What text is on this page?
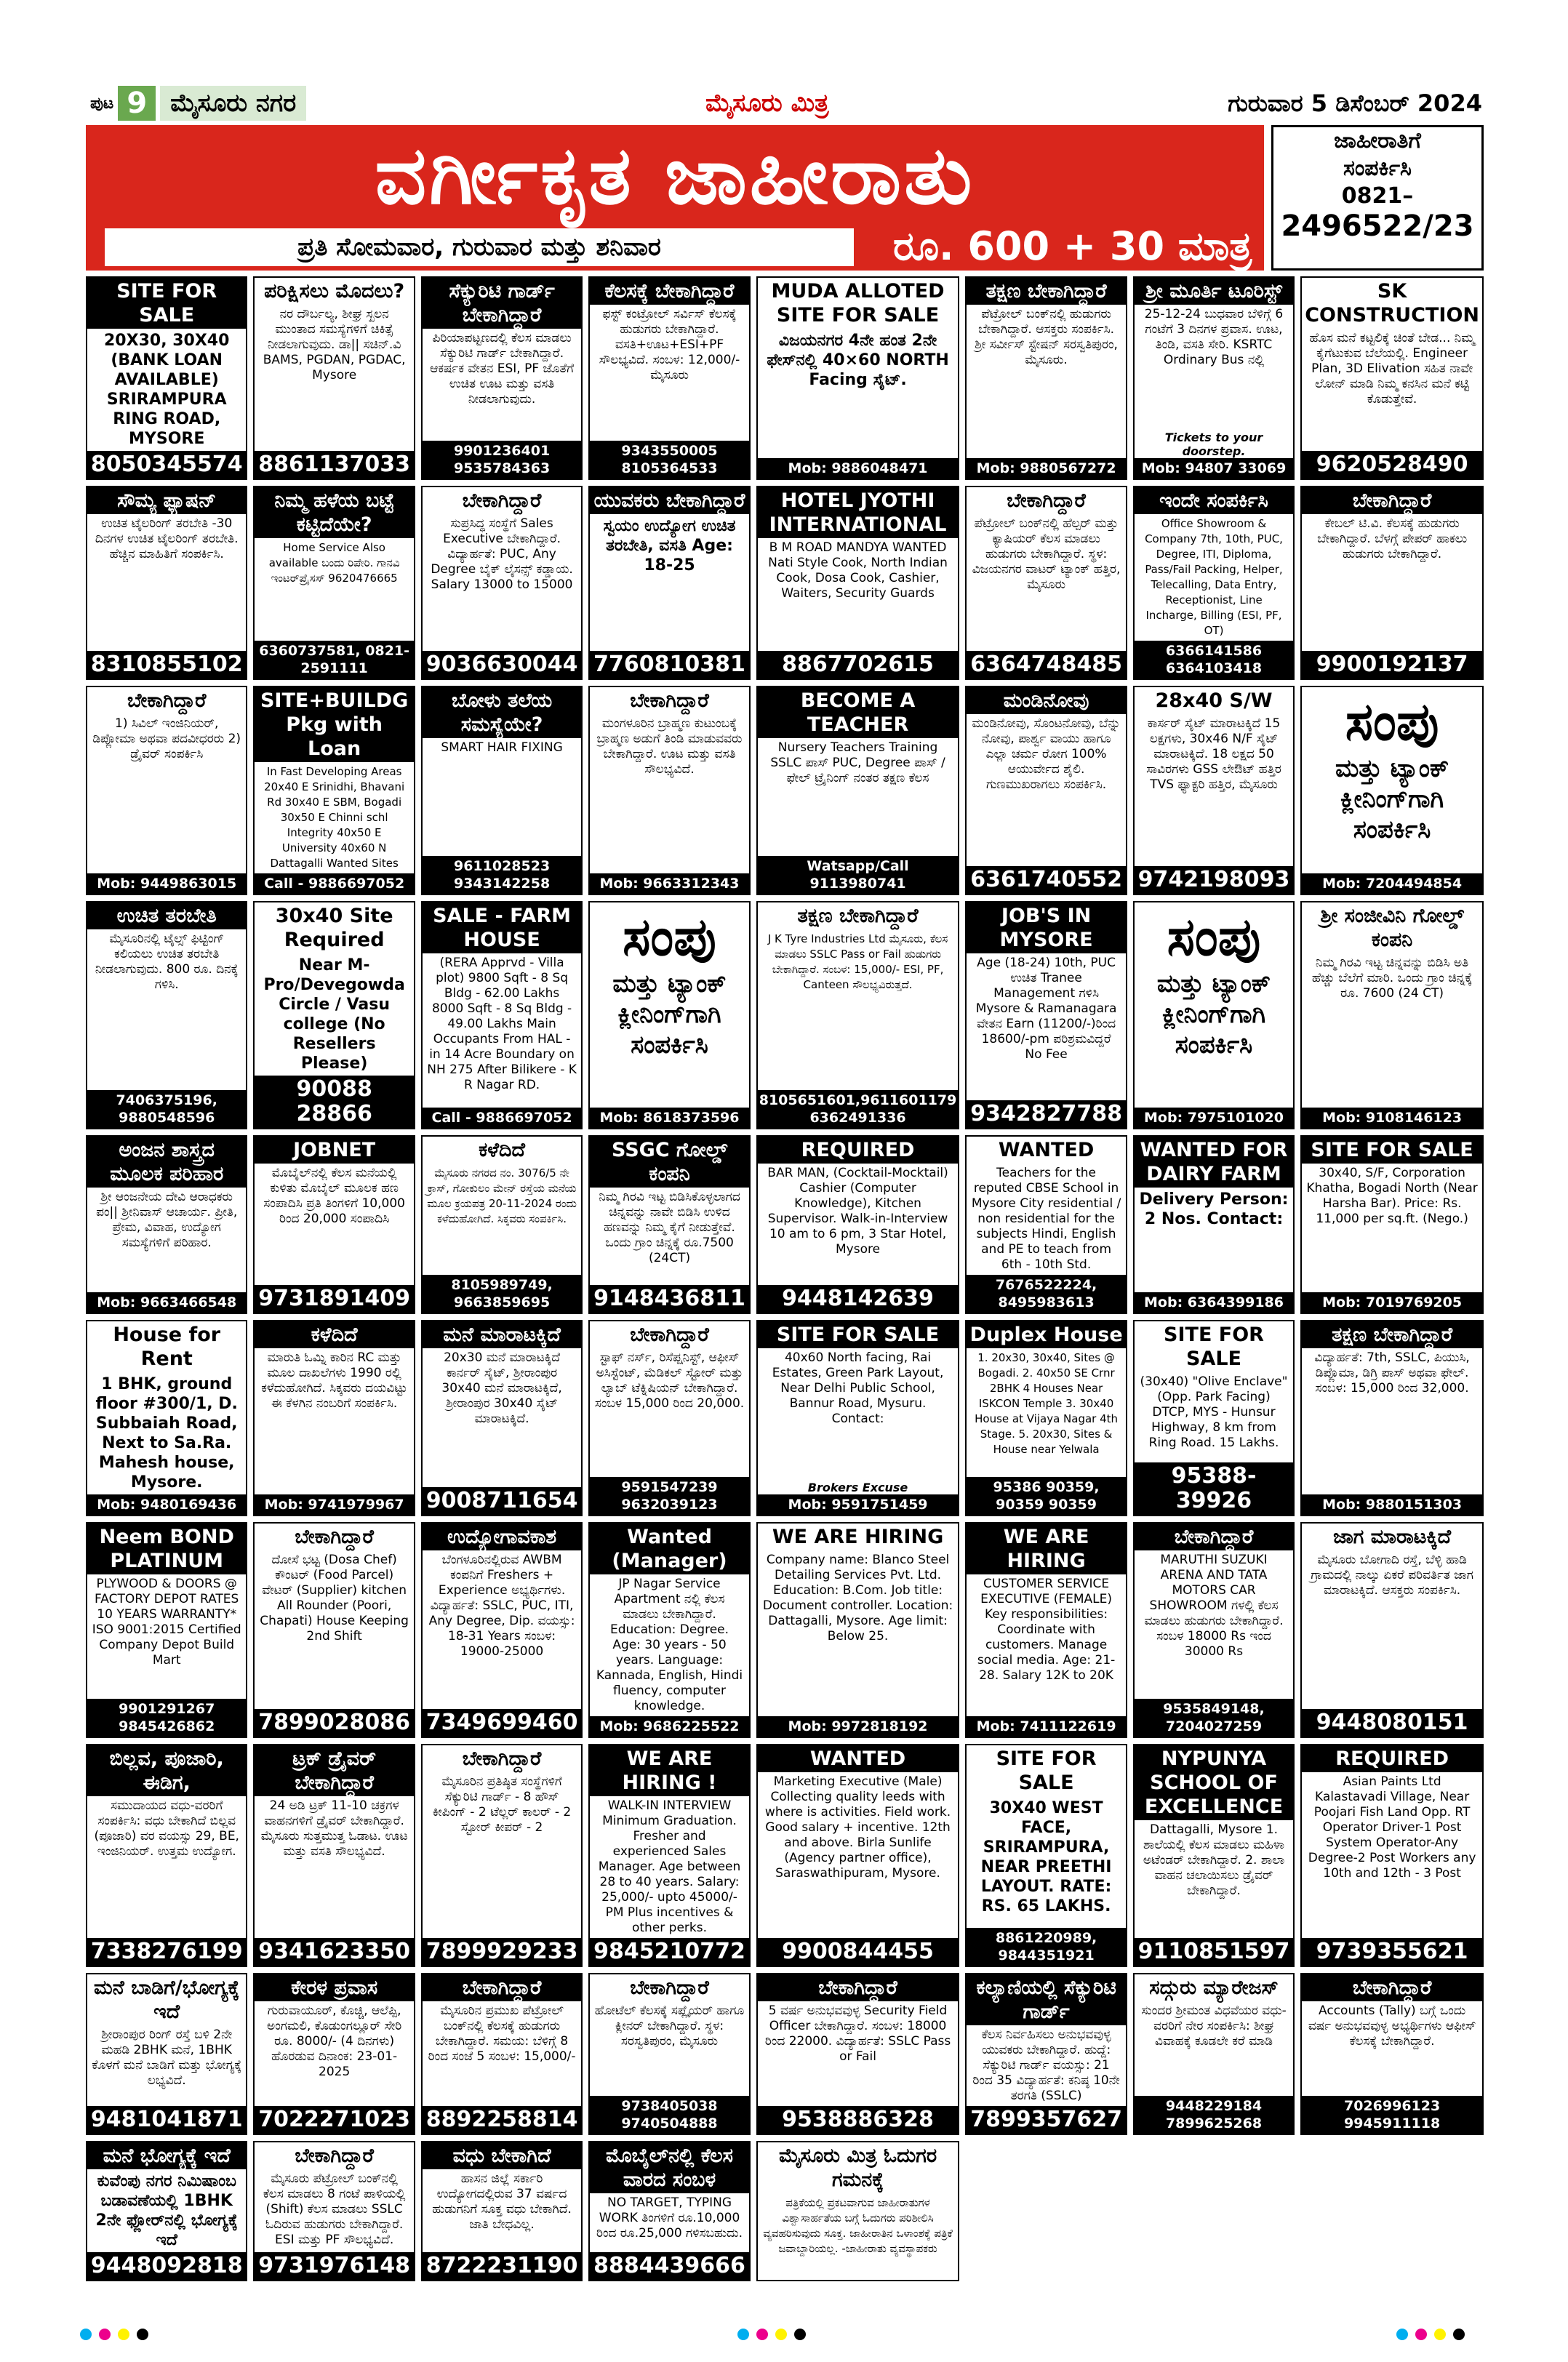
ಪುಟ 9 ಮೈಸೂರು ನಗರ	ಮೈಸೂರು ಮಿತ್ರ	ಗುರುವಾರ 5 ಡಿಸೆಂಬರ್ 2024
ವರ್ಗೀಕೃತ ಜಾಹೀರಾತು
ಪ್ರತಿ ಸೋಮವಾರ, ಗುರುವಾರ ಮತ್ತು ಶನಿವಾರ	ರೂ. 600 + 30 ಮಾತ್ರ
ಜಾಹೀರಾತಿಗೆ
ಸಂಪರ್ಕಿಸಿ
0821–
2496522/23
SITE FOR SALE
20X30, 30X40 (BANK LOAN AVAILABLE) SRIRAMPURA RING ROAD, MYSORE
8050345574
ಪರಿಕ್ಷಿಸಲು ಮೊದಲು?
ನರ ದೌರ್ಬಲ್ಯ, ಶೀಘ್ರ ಸ್ಖಲನ ಮುಂತಾದ ಸಮಸ್ಯೆಗಳಿಗೆ ಚಿಕಿತ್ಸೆ ನೀಡಲಾಗುವುದು. ಡಾ|| ಸಚಿನ್.ವಿ BAMS, PGDAN, PGDAC, Mysore
8861137033
ಸೆಕ್ಯುರಿಟಿ ಗಾರ್ಡ್ ಬೇಕಾಗಿದ್ದಾರೆ
ಪಿರಿಯಾಪಟ್ಟಣದಲ್ಲಿ ಕೆಲಸ ಮಾಡಲು ಸೆಕ್ಯುರಿಟಿ ಗಾರ್ಡ್ ಬೇಕಾಗಿದ್ದಾರೆ. ಆಕರ್ಷಕ ವೇತನ ESI, PF ಜೊತೆಗೆ ಉಚಿತ ಊಟ ಮತ್ತು ವಸತಿ ನೀಡಲಾಗುವುದು.
9901236401 9535784363
ಕೆಲಸಕ್ಕೆ ಬೇಕಾಗಿದ್ದಾರೆ
ಫಸ್ಟ್ ಕಂಟ್ರೋಲ್ ಸರ್ವಿಸ್ ಕೆಲಸಕ್ಕೆ ಹುಡುಗರು ಬೇಕಾಗಿದ್ದಾರೆ. ವಸತಿ+ಊಟ+ESI+PF ಸೌಲಭ್ಯವಿದೆ. ಸಂಬಳ: 12,000/- ಮೈಸೂರು
9343550005 8105364533
MUDA ALLOTED SITE FOR SALE
ವಿಜಯನಗರ 4ನೇ ಹಂತ 2ನೇ ಫೇಸ್‌ನಲ್ಲಿ 40×60 NORTH Facing ಸೈಟ್.
Mob: 9886048471
ತಕ್ಷಣ ಬೇಕಾಗಿದ್ದಾರೆ
ಪೆಟ್ರೋಲ್ ಬಂಕ್‌ನಲ್ಲಿ ಹುಡುಗರು ಬೇಕಾಗಿದ್ದಾರೆ. ಆಸಕ್ತರು ಸಂಪರ್ಕಿಸಿ. ಶ್ರೀ ಸರ್ವೀಸ್ ಸ್ಟೇಷನ್ ಸರಸ್ವತಿಪುರಂ, ಮೈಸೂರು.
Mob: 9880567272
ಶ್ರೀ ಮೂರ್ತಿ ಟೂರಿಸ್ಟ್
25-12-24 ಬುಧವಾರ ಬೆಳಿಗ್ಗೆ 6 ಗಂಟೆಗೆ 3 ದಿನಗಳ ಪ್ರವಾಸ. ಊಟ, ತಿಂಡಿ, ವಸತಿ ಸೇರಿ. KSRTC Ordinary Bus ನಲ್ಲಿ
Tickets to your doorstep.
Mob: 94807 33069
SK CONSTRUCTION
ಹೊಸ ಮನೆ ಕಟ್ಟಲಿಕ್ಕೆ ಚಿಂತೆ ಬೇಡ... ನಿಮ್ಮ ಕೈಗೆಟುಕುವ ಬೆಲೆಯಲ್ಲಿ. Engineer Plan, 3D Elivation ಸಹಿತ ನಾವೇ ಲೋನ್ ಮಾಡಿ ನಿಮ್ಮ ಕನಸಿನ ಮನೆ ಕಟ್ಟಿ ಕೊಡುತ್ತೇವೆ.
9620528490
ಸೌಮ್ಯ ಫ್ಯಾಷನ್
ಉಚಿತ ಟೈಲರಿಂಗ್ ತರಬೇತಿ -30 ದಿನಗಳ ಉಚಿತ ಟೈಲರಿಂಗ್ ತರಬೇತಿ. ಹೆಚ್ಚಿನ ಮಾಹಿತಿಗೆ ಸಂಪರ್ಕಿಸಿ.
8310855102
ನಿಮ್ಮ ಹಳೆಯ ಬಟ್ಟೆ ಕಟ್ಟಿದೆಯೇ?
Home Service Also available ಬಂದು ರಿಪೇರಿ. ಗಾನವಿ ಇಂಟರ್‌ಪ್ರೈಸಸ್ 9620476665
6360737581, 0821-2591111
ಬೇಕಾಗಿದ್ದಾರೆ
ಸುಪ್ರಸಿದ್ಧ ಸಂಸ್ಥೆಗೆ Sales Executive ಬೇಕಾಗಿದ್ದಾರೆ. ವಿದ್ಯಾರ್ಹತೆ: PUC, Any Degree ಬೈಕ್ ಲೈಸನ್ಸ್ ಕಡ್ಡಾಯ. Salary 13000 to 15000
9036630044
ಯುವಕರು ಬೇಕಾಗಿದ್ದಾರೆ
ಸ್ವಯಂ ಉದ್ಯೋಗ ಉಚಿತ ತರಬೇತಿ, ವಸತಿ Age: 18-25
7760810381
HOTEL JYOTHI INTERNATIONAL
B M ROAD MANDYA WANTED Nati Style Cook, North Indian Cook, Dosa Cook, Cashier, Waiters, Security Guards
8867702615
ಬೇಕಾಗಿದ್ದಾರೆ
ಪೆಟ್ರೋಲ್ ಬಂಕ್‌ನಲ್ಲಿ ಹೆಲ್ಪರ್ ಮತ್ತು ಕ್ಯಾಷಿಯರ್ ಕೆಲಸ ಮಾಡಲು ಹುಡುಗರು ಬೇಕಾಗಿದ್ದಾರೆ. ಸ್ಥಳ: ವಿಜಯನಗರ ವಾಟರ್ ಟ್ಯಾಂಕ್ ಹತ್ತಿರ, ಮೈಸೂರು
6364748485
ಇಂದೇ ಸಂಪರ್ಕಿಸಿ
Office Showroom & Company 7th, 10th, PUC, Degree, ITI, Diploma, Pass/Fail Packing, Helper, Telecalling, Data Entry, Receptionist, Line Incharge, Billing (ESI, PF, OT)
6366141586 6364103418
ಬೇಕಾಗಿದ್ದಾರೆ
ಕೇಬಲ್ ಟಿ.ವಿ. ಕೆಲಸಕ್ಕೆ ಹುಡುಗರು ಬೇಕಾಗಿದ್ದಾರೆ. ಬೆಳಗ್ಗೆ ಪೇಪರ್ ಹಾಕಲು ಹುಡುಗರು ಬೇಕಾಗಿದ್ದಾರೆ.
9900192137
ಬೇಕಾಗಿದ್ದಾರೆ
1) ಸಿವಿಲ್ ಇಂಜಿನಿಯರ್, ಡಿಪ್ಲೋಮಾ ಅಥವಾ ಪದವೀಧರರು 2) ಡ್ರೈವರ್ ಸಂಪರ್ಕಿಸಿ
Mob: 9449863015
SITE+BUILDG Pkg with Loan
In Fast Developing Areas 20x40 E Srinidhi, Bhavani Rd 30x40 E SBM, Bogadi 30x50 E Chinni schl Integrity 40x50 E University 40x60 N Dattagalli Wanted Sites
Call - 9886697052
ಬೋಳು ತಲೆಯ ಸಮಸ್ಯೆಯೇ?
SMART HAIR FIXING
9611028523 9343142258
ಬೇಕಾಗಿದ್ದಾರೆ
ಮಂಗಳೂರಿನ ಬ್ರಾಹ್ಮಣ ಕುಟುಂಬಕ್ಕೆ ಬ್ರಾಹ್ಮಣ ಅಡುಗೆ ತಿಂಡಿ ಮಾಡುವವರು ಬೇಕಾಗಿದ್ದಾರೆ. ಊಟ ಮತ್ತು ವಸತಿ ಸೌಲಭ್ಯವಿದೆ.
Mob: 9663312343
BECOME A TEACHER
Nursery Teachers Training SSLC ಪಾಸ್ PUC, Degree ಪಾಸ್ / ಫೇಲ್ ಟ್ರೈನಿಂಗ್ ನಂತರ ತಕ್ಷಣ ಕೆಲಸ
Watsapp/Call 9113980741
ಮಂಡಿನೋವು
ಮಂಡಿನೋವು, ಸೊಂಟನೋವು, ಬೆನ್ನು ನೋವು, ಪಾರ್ಶ್ವ ವಾಯು ಹಾಗೂ ಎಲ್ಲಾ ಚರ್ಮ ರೋಗ 100% ಆಯುರ್ವೇದ ಶೈಲಿ. ಗುಣಮುಖರಾಗಲು ಸಂಪರ್ಕಿಸಿ.
6361740552
28x40 S/W
ಕಾರ್ಸರ್ ಸೈಟ್ ಮಾರಾಟಕ್ಕಿದೆ 15 ಲಕ್ಷಗಳು, 30x46 N/F ಸೈಟ್ ಮಾರಾಟಕ್ಕಿದೆ. 18 ಲಕ್ಷದ 50 ಸಾವಿರಗಳು GSS ಲೇಔಟ್ ಹತ್ತಿರ TVS ಫ್ಯಾಕ್ಟರಿ ಹತ್ತಿರ, ಮೈಸೂರು
9742198093
ಸಂಪು
ಮತ್ತು ಟ್ಯಾಂಕ್ ಕ್ಲೀನಿಂಗ್‌ಗಾಗಿ ಸಂಪರ್ಕಿಸಿ
Mob: 7204494854
ಉಚಿತ ತರಬೇತಿ
ಮೈಸೂರಿನಲ್ಲಿ ಟೈಲ್ಸ್ ಫಿಟ್ಟಿಂಗ್ ಕಲಿಯಲು ಉಚಿತ ತರಬೇತಿ ನೀಡಲಾಗುವುದು. 800 ರೂ. ದಿನಕ್ಕೆ ಗಳಿಸಿ.
7406375196, 9880548596
30x40 Site Required
Near M-Pro/Devegowda Circle / Vasu college (No Resellers Please)
90088 28866
SALE - FARM HOUSE
(RERA Apprvd - Villa plot) 9800 Sqft - 8 Sq Bldg - 62.00 Lakhs 8000 Sqft - 8 Sq Bldg - 49.00 Lakhs Main Occupants From HAL - in 14 Acre Boundary on NH 275 After Bilikere - K R Nagar RD.
Call - 9886697052
ಸಂಪು
ಮತ್ತು ಟ್ಯಾಂಕ್ ಕ್ಲೀನಿಂಗ್‌ಗಾಗಿ ಸಂಪರ್ಕಿಸಿ
Mob: 8618373596
ತಕ್ಷಣ ಬೇಕಾಗಿದ್ದಾರೆ
J K Tyre Industries Ltd ಮೈಸೂರು, ಕೆಲಸ ಮಾಡಲು SSLC Pass or Fail ಹುಡುಗರು ಬೇಕಾಗಿದ್ದಾರೆ. ಸಂಬಳ: 15,000/- ESI, PF, Canteen ಸೌಲಭ್ಯವಿರುತ್ತದೆ.
8105651601,9611601179 6362491336
JOB'S IN MYSORE
Age (18-24) 10th, PUC ಉಚಿತ Tranee Management ಗಳಿಸಿ Mysore & Ramanagara ವೇತನ Earn (11200/-)ರಿಂದ 18600/-pm ಪರಿಶ್ರಮವಿದ್ದರೆ No Fee
9342827788
ಸಂಪು
ಮತ್ತು ಟ್ಯಾಂಕ್ ಕ್ಲೀನಿಂಗ್‌ಗಾಗಿ ಸಂಪರ್ಕಿಸಿ
Mob: 7975101020
ಶ್ರೀ ಸಂಜೀವಿನಿ ಗೋಲ್ಡ್ ಕಂಪನಿ
ನಿಮ್ಮ ಗಿರವಿ ಇಟ್ಟ ಚಿನ್ನವನ್ನು ಬಿಡಿಸಿ ಅತಿ ಹೆಚ್ಚು ಬೆಲೆಗೆ ಮಾರಿ. ಒಂದು ಗ್ರಾಂ ಚಿನ್ನಕ್ಕೆ ರೂ. 7600 (24 CT)
Mob: 9108146123
ಅಂಜನ ಶಾಸ್ತ್ರದ ಮೂಲಕ ಪರಿಹಾರ
ಶ್ರೀ ಆಂಜನೇಯ ದೇವಿ ಆರಾಧಕರು ಪಂ|| ಶ್ರೀನಿವಾಸ್ ಆಚಾರ್ಯ. ಪ್ರೀತಿ, ಪ್ರೇಮ, ವಿವಾಹ, ಉದ್ಯೋಗ ಸಮಸ್ಯೆಗಳಿಗೆ ಪರಿಹಾರ.
Mob: 9663466548
JOBNET
ಮೊಬೈಲ್‌ನಲ್ಲಿ ಕೆಲಸ ಮನೆಯಲ್ಲಿ ಕುಳಿತು ಮೊಬೈಲ್ ಮೂಲಕ ಹಣ ಸಂಪಾದಿಸಿ ಪ್ರತಿ ತಿಂಗಳಿಗೆ 10,000 ರಿಂದ 20,000 ಸಂಪಾದಿಸಿ
9731891409
ಕಳೆದಿದೆ
ಮೈಸೂರು ನಗರದ ನಂ. 3076/5 ನೇ ಕ್ರಾಸ್, ಗೋಕುಲಂ ಮೇನ್ ರಸ್ತೆಯ ಮನೆಯ ಮೂಲ ಕ್ರಯಪತ್ರ 20-11-2024 ರಂದು ಕಳೆದುಹೋಗಿದೆ. ಸಿಕ್ಕವರು ಸಂಪರ್ಕಿಸಿ.
8105989749, 9663859695
SSGC ಗೋಲ್ಡ್ ಕಂಪನಿ
ನಿಮ್ಮ ಗಿರವಿ ಇಟ್ಟ ಬಿಡಿಸಿಕೊಳ್ಳಲಾಗದ ಚಿನ್ನವನ್ನು ನಾವೇ ಬಿಡಿಸಿ ಉಳಿದ ಹಣವನ್ನು ನಿಮ್ಮ ಕೈಗೆ ನೀಡುತ್ತೇವೆ. ಒಂದು ಗ್ರಾಂ ಚಿನ್ನಕ್ಕೆ ರೂ.7500 (24CT)
9148436811
REQUIRED
BAR MAN, (Cocktail-Mocktail) Cashier (Computer Knowledge), Kitchen Supervisor. Walk-in-Interview 10 am to 6 pm, 3 Star Hotel, Mysore
9448142639
WANTED
Teachers for the reputed CBSE School in Mysore City residential / non residential for the subjects Hindi, English and PE to teach from 6th - 10th Std.
7676522224, 8495983613
WANTED FOR DAIRY FARM
Delivery Person: 2 Nos. Contact:
Mob: 6364399186
SITE FOR SALE
30x40, S/F, Corporation Khatha, Bogadi North (Near Harsha Bar). Price: Rs. 11,000 per sq.ft. (Nego.)
Mob: 7019769205
House for Rent
1 BHK, ground floor #300/1, D. Subbaiah Road, Next to Sa.Ra. Mahesh house, Mysore.
Mob: 9480169436
ಕಳೆದಿದೆ
ಮಾರುತಿ ಓಮ್ನಿ ಕಾರಿನ RC ಮತ್ತು ಮೂಲ ದಾಖಲೆಗಳು 1990 ರಲ್ಲಿ ಕಳೆದುಹೋಗಿದೆ. ಸಿಕ್ಕವರು ದಯವಿಟ್ಟು ಈ ಕೆಳಗಿನ ನಂಬರಿಗೆ ಸಂಪರ್ಕಿಸಿ.
Mob: 9741979967
ಮನೆ ಮಾರಾಟಕ್ಕಿದೆ
20x30 ಮನೆ ಮಾರಾಟಕ್ಕಿದೆ ಕಾರ್ನರ್ ಸೈಟ್, ಶ್ರೀರಾಂಪುರ 30x40 ಮನೆ ಮಾರಾಟಕ್ಕಿದೆ, ಶ್ರೀರಾಂಪುರ 30x40 ಸೈಟ್ ಮಾರಾಟಕ್ಕಿದೆ.
9008711654
ಬೇಕಾಗಿದ್ದಾರೆ
ಸ್ಟಾಫ್ ನರ್ಸ್, ರಿಸೆಪ್ಷನಿಸ್ಟ್, ಆಫೀಸ್ ಅಸಿಸ್ಟೆಂಟ್, ಮೆಡಿಕಲ್ ಸ್ಟೋರ್ ಮತ್ತು ಲ್ಯಾಬ್ ಟೆಕ್ನಿಷಿಯನ್ ಬೇಕಾಗಿದ್ದಾರೆ. ಸಂಬಳ 15,000 ರಿಂದ 20,000.
9591547239 9632039123
SITE FOR SALE
40x60 North facing, Rai Estates, Green Park Layout, Near Delhi Public School, Bannur Road, Mysuru. Contact:
Brokers Excuse
Mob: 9591751459
Duplex House
1. 20x30, 30x40, Sites @ Bogadi. 2. 40x50 SE Crnr 2BHK 4 Houses Near ISKCON Temple 3. 30x40 House at Vijaya Nagar 4th Stage. 5. 20x30, Sites & House near Yelwala
95386 90359, 90359 90359
SITE FOR SALE
(30x40) "Olive Enclave" (Opp. Park Facing) DTCP, MYS - Hunsur Highway, 8 km from Ring Road. 15 Lakhs.
95388-39926
ತಕ್ಷಣ ಬೇಕಾಗಿದ್ದಾರೆ
ವಿದ್ಯಾರ್ಹತೆ: 7th, SSLC, ಪಿಯುಸಿ, ಡಿಪ್ಲೊಮಾ, ಡಿಗ್ರಿ ಪಾಸ್ ಅಥವಾ ಫೇಲ್. ಸಂಬಳ: 15,000 ರಿಂದ 32,000.
Mob: 9880151303
Neem BOND PLATINUM
PLYWOOD & DOORS @ FACTORY DEPOT RATES 10 YEARS WARRANTY* ISO 9001:2015 Certified Company Depot Build Mart
9901291267 9845426862
ಬೇಕಾಗಿದ್ದಾರೆ
ದೋಸೆ ಭಟ್ಟ (Dosa Chef) ಕೌಂಟರ್ (Food Parcel) ವೇಟರ್ (Supplier) kitchen All Rounder (Poori, Chapati) House Keeping 2nd Shift
7899028086
ಉದ್ಯೋಗಾವಕಾಶ
ಬೆಂಗಳೂರಿನಲ್ಲಿರುವ AWBM ಕಂಪನಿಗೆ Freshers + Experience ಅಭ್ಯರ್ಥಿಗಳು. ವಿದ್ಯಾರ್ಹತೆ: SSLC, PUC, ITI, Any Degree, Dip. ವಯಸ್ಸು: 18-31 Years ಸಂಬಳ: 19000-25000
7349699460
Wanted (Manager)
JP Nagar Service Apartment ನಲ್ಲಿ ಕೆಲಸ ಮಾಡಲು ಬೇಕಾಗಿದ್ದಾರೆ. Education: Degree. Age: 30 years - 50 years. Language: Kannada, English, Hindi fluency, computer knowledge.
Mob: 9686225522
WE ARE HIRING
Company name: Blanco Steel Detailing Services Pvt. Ltd. Education: B.Com. Job title: Document controller. Location: Dattagalli, Mysore. Age limit: Below 25.
Mob: 9972818192
WE ARE HIRING
CUSTOMER SERVICE EXECUTIVE (FEMALE) Key responsibilities: Coordinate with customers. Manage social media. Age: 21-28. Salary 12K to 20K
Mob: 7411122619
ಬೇಕಾಗಿದ್ದಾರೆ
MARUTHI SUZUKI ARENA AND TATA MOTORS CAR SHOWROOM ಗಳಲ್ಲಿ ಕೆಲಸ ಮಾಡಲು ಹುಡುಗರು ಬೇಕಾಗಿದ್ದಾರೆ. ಸಂಬಳ 18000 Rs ಇಂದ 30000 Rs
9535849148, 7204027259
ಜಾಗ ಮಾರಾಟಕ್ಕಿದೆ
ಮೈಸೂರು ಬೋಗಾದಿ ರಸ್ತೆ, ಬೆಳ್ಳಿ ಹಾಡಿ ಗ್ರಾಮದಲ್ಲಿ ನಾಲ್ಕು ಏಕರೆ ಪರಿವರ್ತಿತ ಜಾಗ ಮಾರಾಟಕ್ಕಿದೆ. ಆಸಕ್ತರು ಸಂಪರ್ಕಿಸಿ.
9448080151
ಬಿಲ್ಲವ, ಪೂಜಾರಿ, ಈಡಿಗ,
ಸಮುದಾಯದ ವಧು-ವರರಿಗೆ ಸಂಪರ್ಕಿಸಿ: ವಧು ಬೇಕಾಗಿದೆ ಬಿಲ್ಲವ (ಪೂಜಾರಿ) ವರ ವಯಸ್ಸು 29, BE, ಇಂಜಿನಿಯರ್. ಉತ್ತಮ ಉದ್ಯೋಗ.
7338276199
ಟ್ರಕ್ ಡ್ರೈವರ್ ಬೇಕಾಗಿದ್ದಾರೆ
24 ಅಡಿ ಟ್ರಕ್ 11-10 ಚಕ್ರಗಳ ವಾಹನಗಳಿಗೆ ಡ್ರೈವರ್ ಬೇಕಾಗಿದ್ದಾರೆ. ಮೈಸೂರು ಸುತ್ತಮುತ್ತ ಓಡಾಟ. ಊಟ ಮತ್ತು ವಸತಿ ಸೌಲಭ್ಯವಿದೆ.
9341623350
ಬೇಕಾಗಿದ್ದಾರೆ
ಮೈಸೂರಿನ ಪ್ರತಿಷ್ಠಿತ ಸಂಸ್ಥೆಗಳಿಗೆ ಸೆಕ್ಯುರಿಟಿ ಗಾರ್ಡ್ - 8 ಹೌಸ್ ಕೀಪಿಂಗ್ - 2 ಟೆಲ್ಲರ್ ಕಾಲರ್ - 2 ಸ್ಟೋರ್ ಕೀಪರ್ - 2
7899929233
WE ARE HIRING !
WALK-IN INTERVIEW Minimum Graduation. Fresher and experienced Sales Manager. Age between 28 to 40 years. Salary: 25,000/- upto 45000/- PM Plus incentives & other perks.
9845210772
WANTED
Marketing Executive (Male) Collecting quality leeds with where is activities. Field work. Good salary + incentive. 12th and above. Birla Sunlife (Agency partner office), Saraswathipuram, Mysore.
9900844455
SITE FOR SALE
30X40 WEST FACE, SRIRAMPURA, NEAR PREETHI LAYOUT. RATE: RS. 65 LAKHS.
8861220989, 9844351921
NYPUNYA SCHOOL OF EXCELLENCE
Dattagalli, Mysore 1. ಶಾಲೆಯಲ್ಲಿ ಕೆಲಸ ಮಾಡಲು ಮಹಿಳಾ ಅಟೆಂಡರ್ ಬೇಕಾಗಿದ್ದಾರೆ. 2. ಶಾಲಾ ವಾಹನ ಚಲಾಯಿಸಲು ಡ್ರೈವರ್ ಬೇಕಾಗಿದ್ದಾರೆ.
9110851597
REQUIRED
Asian Paints Ltd Kalastavadi Village, Near Poojari Fish Land Opp. RT Operator Driver-1 Post System Operator-Any Degree-2 Post Workers any 10th and 12th - 3 Post
9739355621
ಮನೆ ಬಾಡಿಗೆ/ಭೋಗ್ಯಕ್ಕೆ ಇದೆ
ಶ್ರೀರಾಂಪುರ ರಿಂಗ್ ರಸ್ತೆ ಬಳಿ 2ನೇ ಮಹಡಿ 2BHK ಮನೆ, 1BHK ಕೊಳಗೆ ಮನೆ ಬಾಡಿಗೆ ಮತ್ತು ಭೋಗ್ಯಕ್ಕೆ ಲಭ್ಯವಿದೆ.
9481041871
ಕೇರಳ ಪ್ರವಾಸ
ಗುರುವಾಯೂರ್, ಕೊಚ್ಚಿ, ಆಲೆಪ್ಪಿ, ಅಂಗಮಲಿ, ಕೊಡುಂಗಲ್ಲೂರ್ ಸೇರಿ ರೂ. 8000/- (4 ದಿನಗಳು) ಹೊರಡುವ ದಿನಾಂಕ: 23-01-2025
7022271023
ಬೇಕಾಗಿದ್ದಾರೆ
ಮೈಸೂರಿನ ಪ್ರಮುಖ ಪೆಟ್ರೋಲ್ ಬಂಕ್‌ನಲ್ಲಿ ಕೆಲಸಕ್ಕೆ ಹುಡುಗರು ಬೇಕಾಗಿದ್ದಾರೆ. ಸಮಯ: ಬೆಳಿಗ್ಗೆ 8 ರಿಂದ ಸಂಜೆ 5 ಸಂಬಳ: 15,000/-
8892258814
ಬೇಕಾಗಿದ್ದಾರೆ
ಹೋಟೆಲ್ ಕೆಲಸಕ್ಕೆ ಸಪ್ಲೈಯರ್ ಹಾಗೂ ಕ್ಲೀನರ್ ಬೇಕಾಗಿದ್ದಾರೆ. ಸ್ಥಳ: ಸರಸ್ವತಿಪುರಂ, ಮೈಸೂರು
9738405038 9740504888
ಬೇಕಾಗಿದ್ದಾರೆ
5 ವರ್ಷ ಅನುಭವವುಳ್ಳ Security Field Officer ಬೇಕಾಗಿದ್ದಾರೆ. ಸಂಬಳ: 18000 ರಿಂದ 22000. ವಿದ್ಯಾರ್ಹತೆ: SSLC Pass or Fail
9538886328
ಕಲ್ಯಾಣಿಯಲ್ಲಿ ಸೆಕ್ಯುರಿಟಿ ಗಾರ್ಡ್
ಕೆಲಸ ನಿರ್ವಹಿಸಲು ಅನುಭವವುಳ್ಳ ಯುವಕರು ಬೇಕಾಗಿದ್ದಾರೆ. ಹುದ್ದೆ: ಸೆಕ್ಯುರಿಟಿ ಗಾರ್ಡ್ ವಯಸ್ಸು: 21 ರಿಂದ 35 ವಿದ್ಯಾರ್ಹತೆ: ಕನಿಷ್ಠ 10ನೇ ತರಗತಿ (SSLC)
7899357627
ಸದ್ಗುರು ಮ್ಯಾರೇಜಸ್
ಸುಂದರ ಶ್ರೀಮಂತ ವಿಧವೆಯರ ವಧು-ವರರಿಗೆ ನೇರ ಸಂಪರ್ಕಿಸಿ: ಶೀಘ್ರ ವಿವಾಹಕ್ಕೆ ಕೂಡಲೇ ಕರೆ ಮಾಡಿ
9448229184 7899625268
ಬೇಕಾಗಿದ್ದಾರೆ
Accounts (Tally) ಬಗ್ಗೆ ಒಂದು ವರ್ಷ ಅನುಭವವುಳ್ಳ ಅಭ್ಯರ್ಥಿಗಳು ಆಫೀಸ್ ಕೆಲಸಕ್ಕೆ ಬೇಕಾಗಿದ್ದಾರೆ.
7026996123 9945911118
ಮನೆ ಭೋಗ್ಯಕ್ಕೆ ಇದೆ
ಕುವೆಂಪು ನಗರ ನಿಮಿಷಾಂಬ ಬಡಾವಣೆಯಲ್ಲಿ 1BHK 2ನೇ ಫ್ಲೋರ್‌ನಲ್ಲಿ ಭೋಗ್ಯಕ್ಕೆ ಇದೆ
9448092818
ಬೇಕಾಗಿದ್ದಾರೆ
ಮೈಸೂರು ಪೆಟ್ರೋಲ್ ಬಂಕ್‌ನಲ್ಲಿ ಕೆಲಸ ಮಾಡಲು 8 ಗಂಟೆ ಪಾಳಿಯಲ್ಲಿ (Shift) ಕೆಲಸ ಮಾಡಲು SSLC ಓದಿರುವ ಹುಡುಗರು ಬೇಕಾಗಿದ್ದಾರೆ. ESI ಮತ್ತು PF ಸೌಲಭ್ಯವಿದೆ.
9731976148
ವಧು ಬೇಕಾಗಿದೆ
ಹಾಸನ ಜಿಲ್ಲೆ ಸರ್ಕಾರಿ ಉದ್ಯೋಗದಲ್ಲಿರುವ 37 ವರ್ಷದ ಹುಡುಗನಿಗೆ ಸೂಕ್ತ ವಧು ಬೇಕಾಗಿದೆ. ಜಾತಿ ಬೇಧವಿಲ್ಲ.
8722231190
ಮೊಬೈಲ್‌ನಲ್ಲಿ ಕೆಲಸ ವಾರದ ಸಂಬಳ
NO TARGET, TYPING WORK ತಿಂಗಳಿಗೆ ರೂ.10,000 ರಿಂದ ರೂ.25,000 ಗಳಿಸಬಹುದು.
8884439666
ಮೈಸೂರು ಮಿತ್ರ ಓದುಗರ ಗಮನಕ್ಕೆ
ಪತ್ರಿಕೆಯಲ್ಲಿ ಪ್ರಕಟವಾಗುವ ಜಾಹೀರಾತುಗಳ ವಿಶ್ವಾಸಾರ್ಹತೆಯ ಬಗ್ಗೆ ಓದುಗರು ಪರಿಶೀಲಿಸಿ ವ್ಯವಹರಿಸುವುದು ಸೂಕ್ತ. ಜಾಹೀರಾತಿನ ಒಳಾಂಶಕ್ಕೆ ಪತ್ರಿಕೆ ಜವಾಬ್ದಾರಿಯಲ್ಲ. -ಜಾಹೀರಾತು ವ್ಯವಸ್ಥಾಪಕರು
